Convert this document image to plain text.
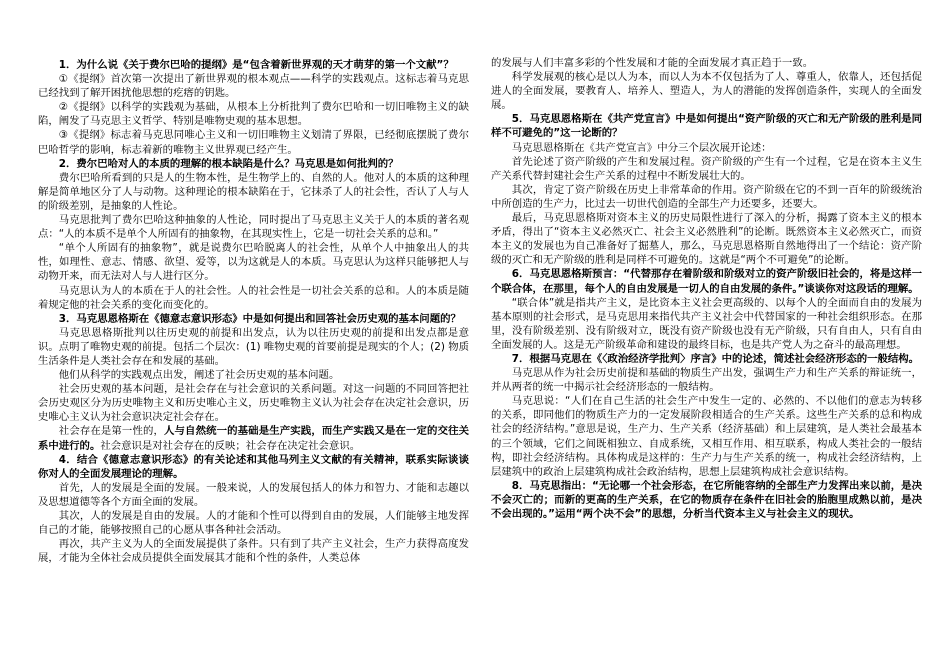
1．为什么说《关于费尔巴哈的提纲》是“包含着新世界观的天才萌芽的第一个文献”？

①《提纲》首次第一次提出了新世界观的根本观点——科学的实践观点。这标志着马克思已经找到了解开困扰他思想的疙瘩的钥匙。

②《提纲》以科学的实践观为基础，从根本上分析批判了费尔巴哈和一切旧唯物主义的缺陷，阐发了马克思主义哲学、特别是唯物史观的基本思想。

③《提纲》标志着马克思同唯心主义和一切旧唯物主义划清了界限，已经彻底摆脱了费尔巴哈哲学的影响，标志着新的唯物主义世界观已经产生。

2．费尔巴哈对人的本质的理解的根本缺陷是什么？马克思是如何批判的？

费尔巴哈所看到的只是人的生物本性，是生物学上的、自然的人。他对人的本质的这种理解是简单地区分了人与动物。这种理论的根本缺陷在于，它抹杀了人的社会性，否认了人与人的阶级差别，是抽象的人性论。

马克思批判了费尔巴哈这种抽象的人性论，同时提出了马克思主义关于人的本质的著名观点：“人的本质不是单个人所固有的抽象物，在其现实性上，它是一切社会关系的总和。”

“单个人所固有的抽象物”，就是说费尔巴哈脱离人的社会性，从单个人中抽象出人的共性，如理性、意志、情感、欲望、爱等，以为这就是人的本质。马克思认为这样只能够把人与动物开来，而无法对人与人进行区分。

马克思认为人的本质在于人的社会性。人的社会性是一切社会关系的总和。人的本质是随着规定他的社会关系的变化而变化的。

3．马克思恩格斯在《德意志意识形态》中是如何提出和回答社会历史观的基本问题的？

马克思恩格斯批判以往历史观的前提和出发点，认为以往历史观的前提和出发点都是意识。点明了唯物史观的前提。包括二个层次：(1) 唯物史观的首要前提是现实的个人；(2) 物质生活条件是人类社会存在和发展的基础。

他们从科学的实践观点出发，阐述了社会历史观的基本问题。

社会历史观的基本问题，是社会存在与社会意识的关系问题。对这一问题的不同回答把社会历史观区分为历史唯物主义和历史唯心主义，历史唯物主义认为社会存在决定社会意识，历史唯心主义认为社会意识决定社会存在。

社会存在是第一性的，人与自然统一的基础是生产实践，而生产实践又是在一定的交往关系中进行的。社会意识是对社会存在的反映；社会存在决定社会意识。

4．结合《德意志意识形态》的有关论述和其他马列主义文献的有关精神，联系实际谈谈你对人的全面发展理论的理解。

首先，人的发展是全面的发展。一般来说，人的发展包括人的体力和智力、才能和志趣以及思想道德等各个方面全面的发展。

其次，人的发展是自由的发展。人的才能和个性可以得到自由的发展，人们能够主地发挥自己的才能，能够按照自己的心愿从事各种社会活动。

再次，共产主义为人的全面发展提供了条件。只有到了共产主义社会，生产力获得高度发展，才能为全体社会成员提供全面发展其才能和个性的条件，人类总体

的发展与人们丰富多彩的个性发展和才能的全面发展才真正趋于一致。

科学发展观的核心是以人为本，而以人为本不仅包括为了人、尊重人，依靠人，还包括促进人的全面发展，要教育人、培养人、塑造人，为人的潜能的发挥创造条件，实现人的全面发展。

5．马克思恩格斯在《共产党宣言》中是如何提出“资产阶级的灭亡和无产阶级的胜利是同样不可避免的”这一论断的？

马克思恩格斯在《共产党宣言》中分三个层次展开论述：

首先论述了资产阶级的产生和发展过程。资产阶级的产生有一个过程，它是在资本主义生产关系代替封建社会生产关系的过程中不断发展壮大的。

其次，肯定了资产阶级在历史上非常革命的作用。资产阶级在它的不到一百年的阶级统治中所创造的生产力，比过去一切世代创造的全部生产力还要多，还要大。

最后，马克思恩格斯对资本主义的历史局限性进行了深入的分析，揭露了资本主义的根本矛盾，得出了“资本主义必然灭亡、社会主义必然胜利”的论断。既然资本主义必然灭亡，而资本主义的发展也为自己准备好了掘墓人，那么，马克思恩格斯自然地得出了一个结论：资产阶级的灭亡和无产阶级的胜利是同样不可避免的。这就是“两个不可避免”的论断。

6．马克思恩格斯预言：“代替那存在着阶级和阶级对立的资产阶级旧社会的，将是这样一个联合体，在那里，每个人的自由发展是一切人的自由发展的条件。”谈谈你对这段话的理解。

“联合体”就是指共产主义，是比资本主义社会更高级的、以每个人的全面而自由的发展为基本原则的社会形式，是马克思用来指代共产主义社会中代替国家的一种社会组织形态。在那里，没有阶级差别、没有阶级对立，既没有资产阶级也没有无产阶级，只有自由人，只有自由全面发展的人。这是无产阶级革命和建设的最终目标，也是共产党人为之奋斗的最高理想。

7．根据马克思在《〈政治经济学批判〉序言》中的论述，简述社会经济形态的一般结构。

马克思从作为社会历史前提和基础的物质生产出发，强调生产力和生产关系的辩证统一，并从两者的统一中揭示社会经济形态的一般结构。

马克思说：“人们在自己生活的社会生产中发生一定的、必然的、不以他们的意志为转移的关系，即同他们的物质生产力的一定发展阶段相适合的生产关系。这些生产关系的总和构成社会的经济结构。”意思是说，生产力、生产关系（经济基础）和上层建筑，是人类社会最基本的三个领域，它们之间既相独立、自成系统，又相互作用、相互联系，构成人类社会的一般结构，即社会经济结构。具体构成是这样的：生产力与生产关系的统一，构成社会经济结构，上层建筑中的政治上层建筑构成社会政治结构，思想上层建筑构成社会意识结构。

8．马克思指出：“无论哪一个社会形态，在它所能容纳的全部生产力发挥出来以前，是决不会灭亡的；而新的更高的生产关系，在它的物质存在条件在旧社会的胎胞里成熟以前，是决不会出现的。”运用“两个决不会”的思想，分析当代资本主义与社会主义的现状。
